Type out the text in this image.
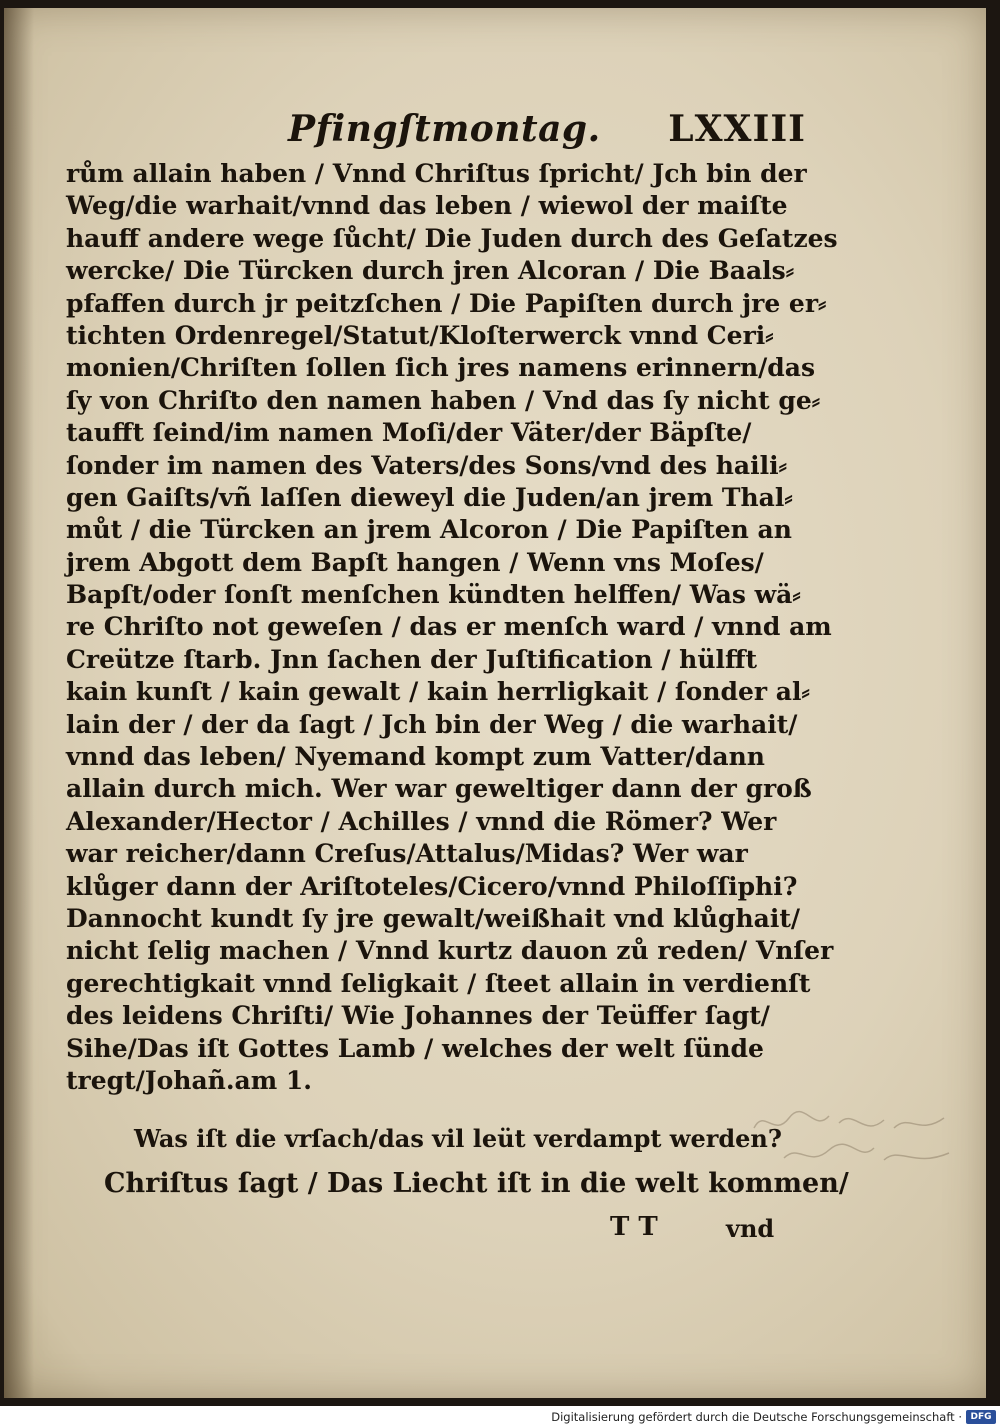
Pfingſtmontag. LXXIII
rům allain haben / Vnnd Chriſtus ſpricht/ Jch bin der
Weg/die warhait/vnnd das leben / wiewol der maiſte
hauff andere wege ſůcht/ Die Juden durch des Geſatzes
wercke/ Die Türcken durch jren Alcoran / Die Baals⸗
pfaffen durch jr peitzſchen / Die Papiſten durch jre er⸗
tichten Ordenregel/Statut/Kloſterwerck vnnd Ceri⸗
monien/Chriſten ſollen ſich jres namens erinnern/das
ſy von Chriſto den namen haben / Vnd das ſy nicht ge⸗
taufft ſeind/im namen Moſi/der Väter/der Bäpſte/
ſonder im namen des Vaters/des Sons/vnd des haili⸗
gen Gaiſts/vñ laſſen dieweyl die Juden/an jrem Thal⸗
můt / die Türcken an jrem Alcoron / Die Papiſten an
jrem Abgott dem Bapſt hangen / Wenn vns Moſes/
Bapſt/oder ſonſt menſchen kündten helffen/ Was wä⸗
re Chriſto not geweſen / das er menſch ward / vnnd am
Creütze ſtarb. Jnn ſachen der Juſtification / hülfft
kain kunſt / kain gewalt / kain herrligkait / ſonder al⸗
lain der / der da ſagt / Jch bin der Weg / die warhait/
vnnd das leben/ Nyemand kompt zum Vatter/dann
allain durch mich. Wer war geweltiger dann der groß
Alexander/Hector / Achilles / vnnd die Römer? Wer
war reicher/dann Creſus/Attalus/Midas? Wer war
klůger dann der Ariſtoteles/Cicero/vnnd Philoſſiphi?
Dannocht kundt ſy jre gewalt/weißhait vnd klůghait/
nicht ſelig machen / Vnnd kurtz dauon zů reden/ Vnſer
gerechtigkait vnnd ſeligkait / ſteet allain in verdienſt
des leidens Chriſti/ Wie Johannes der Teüffer ſagt/
Sihe/Das iſt Gottes Lamb / welches der welt ſünde
tregt/Johañ.am 1.
Was iſt die vrſach/das vil leüt verdampt werden?
Chriſtus ſagt / Das Liecht iſt in die welt kommen/
T T	vnd
Digitalisierung gefördert durch die Deutsche Forschungsgemeinschaft · DFG
